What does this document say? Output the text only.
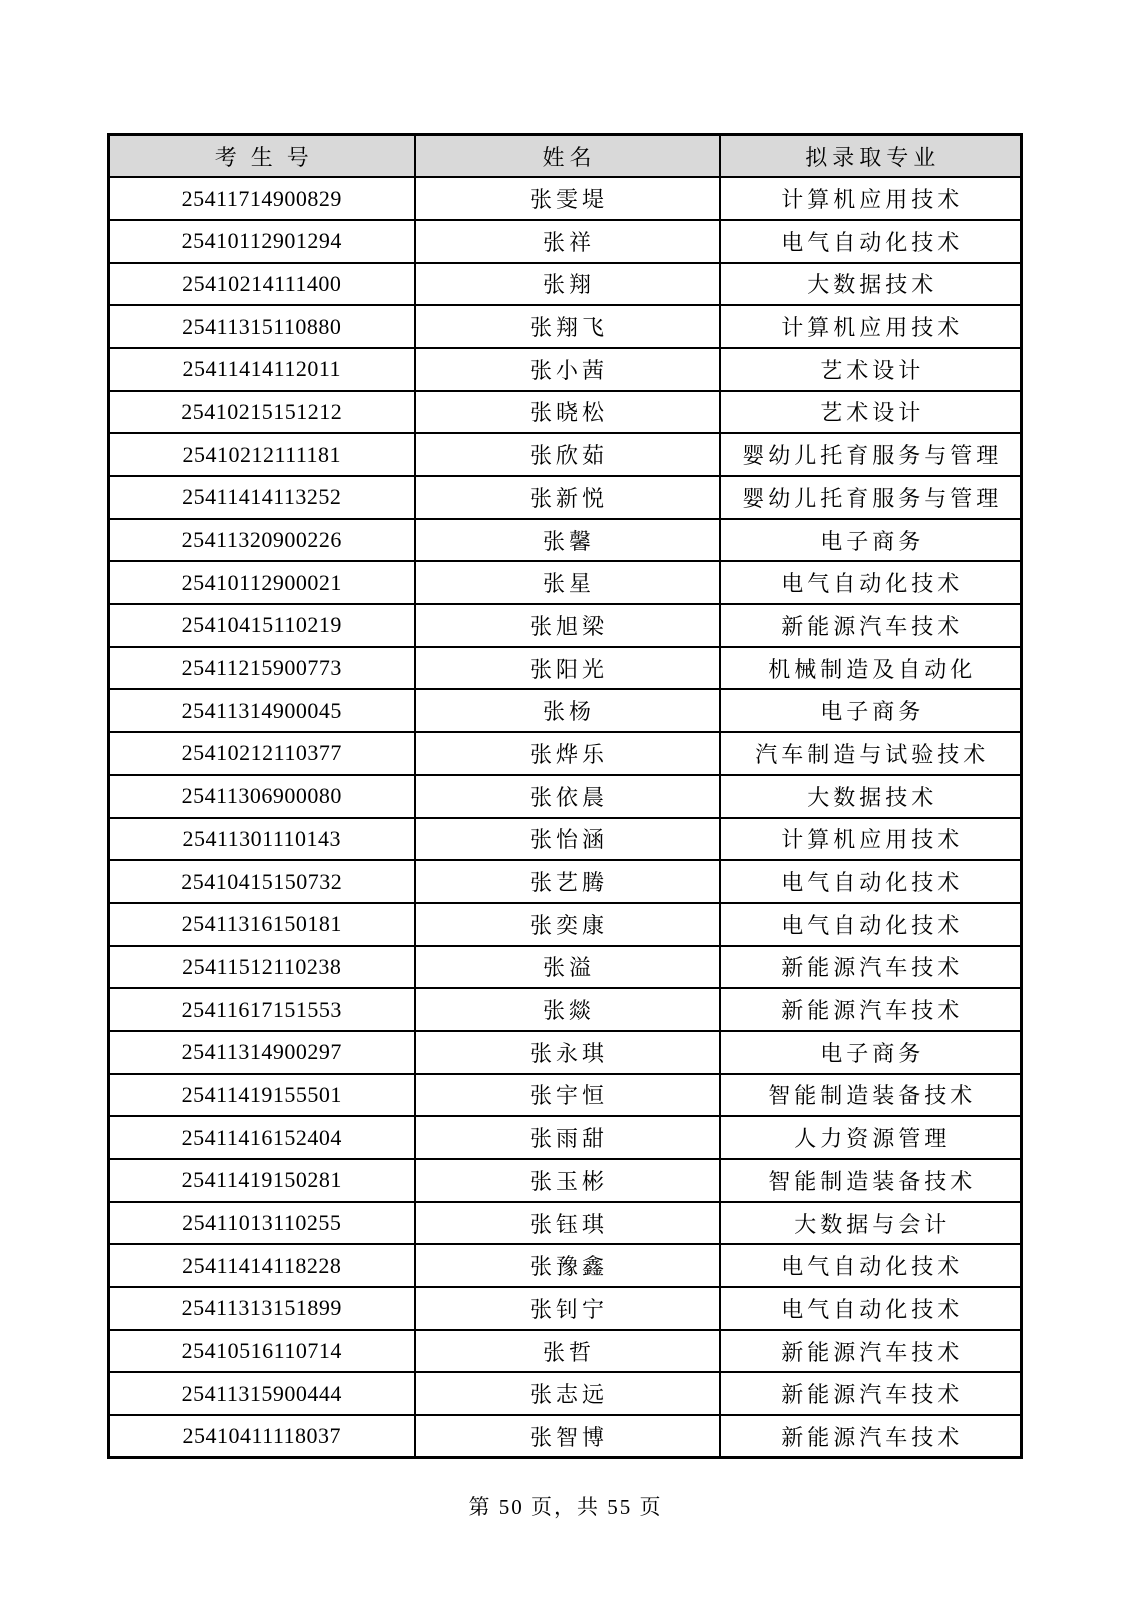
考生号	姓名	拟录取专业
25411714900829	张雯堤	计算机应用技术
25410112901294	张祥	电气自动化技术
25410214111400	张翔	大数据技术
25411315110880	张翔飞	计算机应用技术
25411414112011	张小茜	艺术设计
25410215151212	张晓松	艺术设计
25410212111181	张欣茹	婴幼儿托育服务与管理
25411414113252	张新悦	婴幼儿托育服务与管理
25411320900226	张馨	电子商务
25410112900021	张星	电气自动化技术
25410415110219	张旭梁	新能源汽车技术
25411215900773	张阳光	机械制造及自动化
25411314900045	张杨	电子商务
25410212110377	张烨乐	汽车制造与试验技术
25411306900080	张依晨	大数据技术
25411301110143	张怡涵	计算机应用技术
25410415150732	张艺腾	电气自动化技术
25411316150181	张奕康	电气自动化技术
25411512110238	张溢	新能源汽车技术
25411617151553	张燚	新能源汽车技术
25411314900297	张永琪	电子商务
25411419155501	张宇恒	智能制造装备技术
25411416152404	张雨甜	人力资源管理
25411419150281	张玉彬	智能制造装备技术
25411013110255	张钰琪	大数据与会计
25411414118228	张豫鑫	电气自动化技术
25411313151899	张钊宁	电气自动化技术
25410516110714	张哲	新能源汽车技术
25411315900444	张志远	新能源汽车技术
25410411118037	张智博	新能源汽车技术
第 50 页，共 55 页
